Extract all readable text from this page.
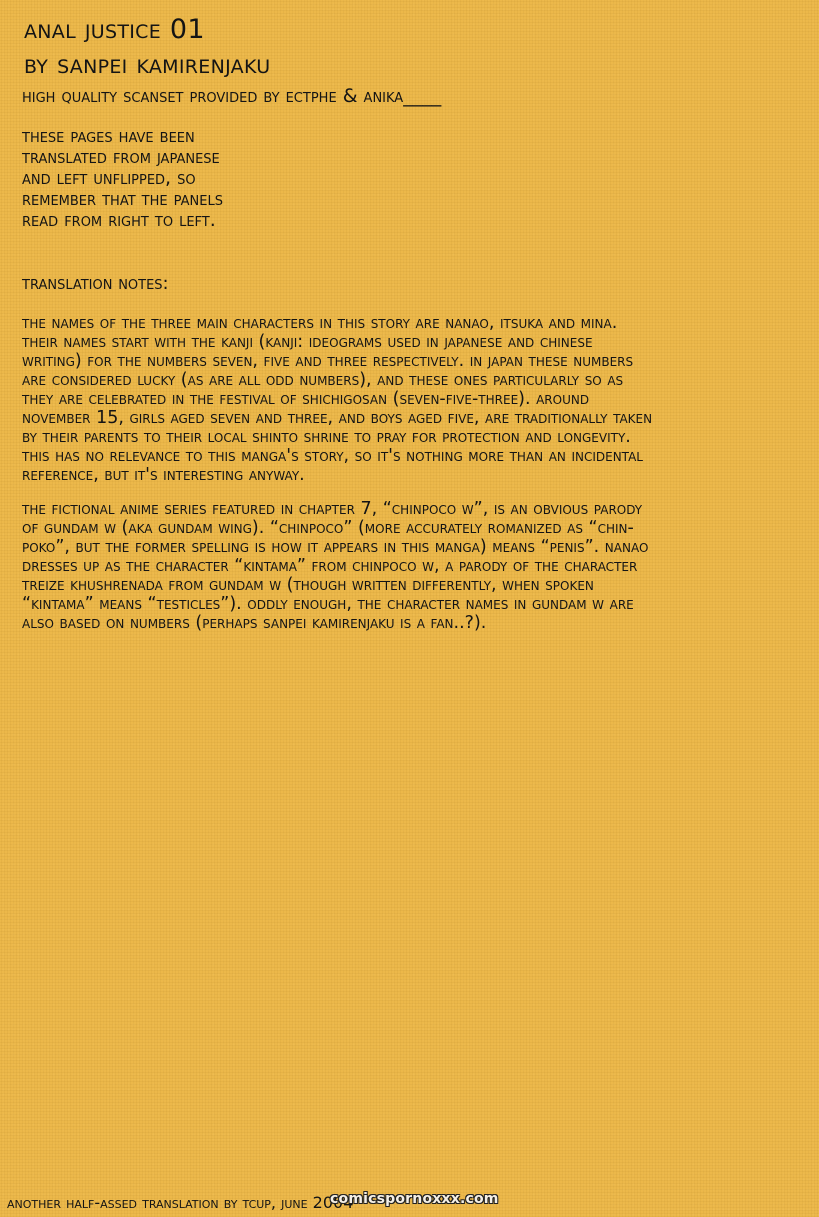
anal justice 01
by sanpei kamirenjaku

high quality scanset provided by ectphe & anika____

these pages have been
translated from japanese
and left unflipped, so
remember that the panels
read from right to left.

translation notes:

the names of the three main characters in this story are nanao, itsuka and mina.
their names start with the kanji (kanji: ideograms used in japanese and chinese
writing) for the numbers seven, five and three respectively. in japan these numbers
are considered lucky (as are all odd numbers), and these ones particularly so as
they are celebrated in the festival of shichigosan (seven-five-three). around
november 15, girls aged seven and three, and boys aged five, are traditionally taken
by their parents to their local shinto shrine to pray for protection and longevity.
this has no relevance to this manga's story, so it's nothing more than an incidental
reference, but it's interesting anyway.

the fictional anime series featured in chapter 7, “chinpoco w”, is an obvious parody
of gundam w (aka gundam wing). “chinpoco” (more accurately romanized as “chin-
poko”, but the former spelling is how it appears in this manga) means “penis”. nanao
dresses up as the character “kintama” from chinpoco w, a parody of the character
treize khushrenada from gundam w (though written differently, when spoken
“kintama” means “testicles”). oddly enough, the character names in gundam w are
also based on numbers (perhaps sanpei kamirenjaku is a fan..?).

another half-assed translation by tcup, june 2004

comicspornoxxx.com
